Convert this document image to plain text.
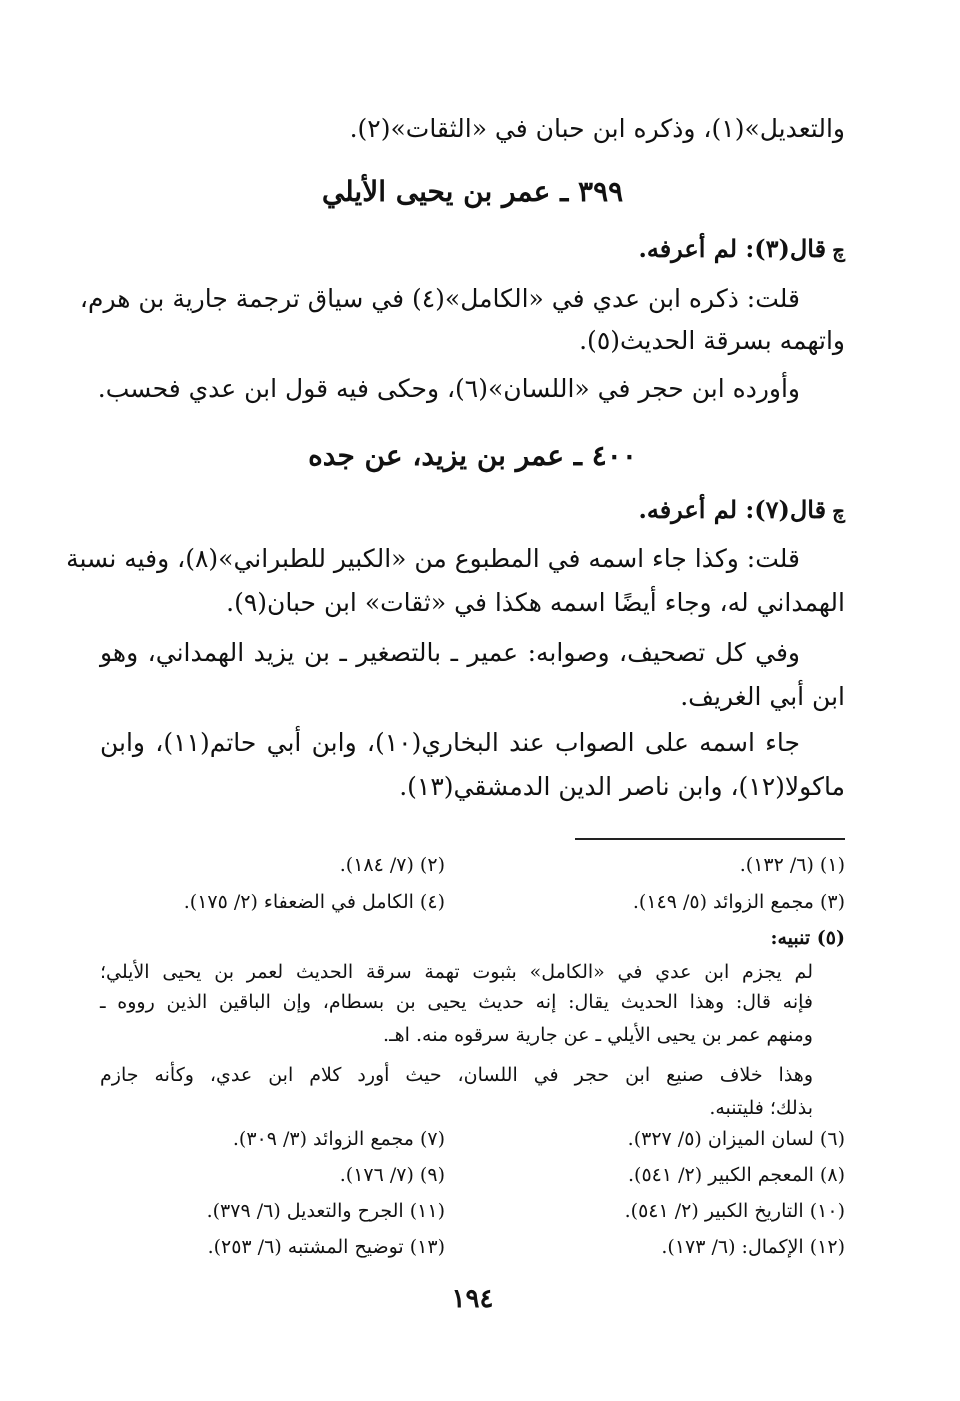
والتعديل»(١)، وذكره ابن حبان في «الثقات»(٢).
٣٩٩ ـ عمر بن يحيى الأيلي
ﭺقال(٣): لم أعرفه.
قلت: ذكره ابن عدي في «الكامل»(٤) في سياق ترجمة جارية بن هرم،
واتهمه بسرقة الحديث(٥).
وأورده ابن حجر في «اللسان»(٦)، وحكى فيه قول ابن عدي فحسب.
٤٠٠ ـ عمر بن يزيد، عن جده
ﭺقال(٧): لم أعرفه.
قلت: وكذا جاء اسمه في المطبوع من «الكبير للطبراني»(٨)، وفيه نسبة
الهمداني له، وجاء أيضًا اسمه هكذا في «ثقات» ابن حبان(٩).
وفي كل تصحيف، وصوابه: عمير ـ بالتصغير ـ بن يزيد الهمداني، وهو
ابن أبي الغريف.
جاء اسمه على الصواب عند البخاري(١٠)، وابن أبي حاتم(١١)، وابن
ماكولا(١٢)، وابن ناصر الدين الدمشقي(١٣).
(١) (٦/ ١٣٢).
(٢) (٧/ ١٨٤).
(٣) مجمع الزوائد (٥/ ١٤٩).
(٤) الكامل في الضعفاء (٢/ ١٧٥).
(٥) تنبيه:
لم يجزم ابن عدي في «الكامل» بثبوت تهمة سرقة الحديث لعمر بن يحيى الأيلي؛
فإنه قال: وهذا الحديث يقال: إنه حديث يحيى بن بسطام، وإن الباقين الذين رووه ـ
ومنهم عمر بن يحيى الأيلي ـ عن جارية سرقوه منه. اهـ.
وهذا خلاف صنيع ابن حجر في اللسان، حيث أورد كلام ابن عدي، وكأنه جازم
بذلك؛ فليتنبه.
(٦) لسان الميزان (٥/ ٣٢٧).
(٧) مجمع الزوائد (٣/ ٣٠٩).
(٨) المعجم الكبير (٢/ ٥٤١).
(٩) (٧/ ١٧٦).
(١٠) التاريخ الكبير (٢/ ٥٤١).
(١١) الجرح والتعديل (٦/ ٣٧٩).
(١٢) الإكمال: (٦/ ١٧٣).
(١٣) توضيح المشتبه (٦/ ٢٥٣).
١٩٤
